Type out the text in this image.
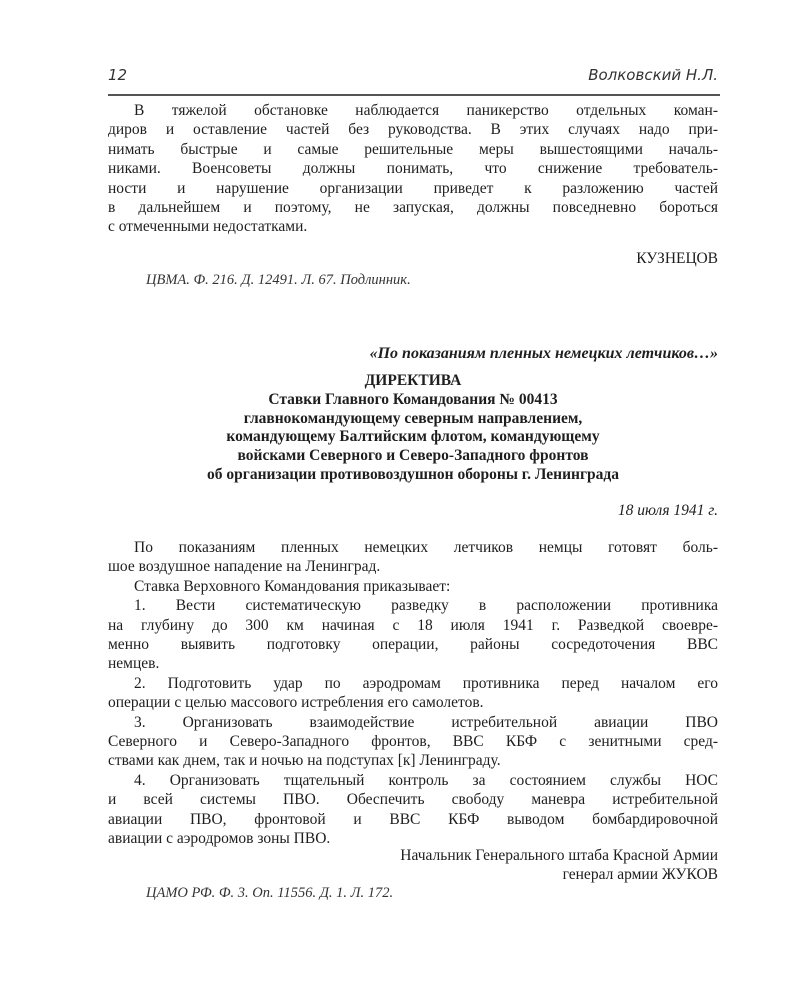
12	Волковский Н.Л.
В тяжелой обстановке наблюдается паникерство отдельных коман-
диров и оставление частей без руководства. В этих случаях надо при-
нимать быстрые и самые решительные меры вышестоящими началь-
никами. Военсоветы должны понимать, что снижение требователь-
ности и нарушение организации приведет к разложению частей
в дальнейшем и поэтому, не запуская, должны повседневно бороться
с отмеченными недостатками.
КУЗНЕЦОВ
ЦВМА. Ф. 216. Д. 12491. Л. 67. Подлинник.
«По показаниям пленных немецких летчиков…»
ДИРЕКТИВА
Ставки Главного Командования № 00413
главнокомандующему северным направлением,
командующему Балтийским флотом, командующему
войсками Северного и Северо-Западного фронтов
об организации противовоздушнон обороны г. Ленинграда
18 июля 1941 г.
По показаниям пленных немецких летчиков немцы готовят боль-
шое воздушное нападение на Ленинград.
Ставка Верховного Командования приказывает:
1. Вести систематическую разведку в расположении противника
на глубину до 300 км начиная с 18 июля 1941 г. Разведкой своевре-
менно выявить подготовку операции, районы сосредоточения ВВС
немцев.
2. Подготовить удар по аэродромам противника перед началом его
операции с целью массового истребления его самолетов.
3. Организовать взаимодействие истребительной авиации ПВО
Северного и Северо-Западного фронтов, ВВС КБФ с зенитными сред-
ствами как днем, так и ночью на подступах [к] Ленинграду.
4. Организовать тщательный контроль за состоянием службы НОС
и всей системы ПВО. Обеспечить свободу маневра истребительной
авиации ПВО, фронтовой и ВВС КБФ выводом бомбардировочной
авиации с аэродромов зоны ПВО.
Начальник Генерального штаба Красной Армии
генерал армии ЖУКОВ
ЦАМО РФ. Ф. 3. Оп. 11556. Д. 1. Л. 172.
